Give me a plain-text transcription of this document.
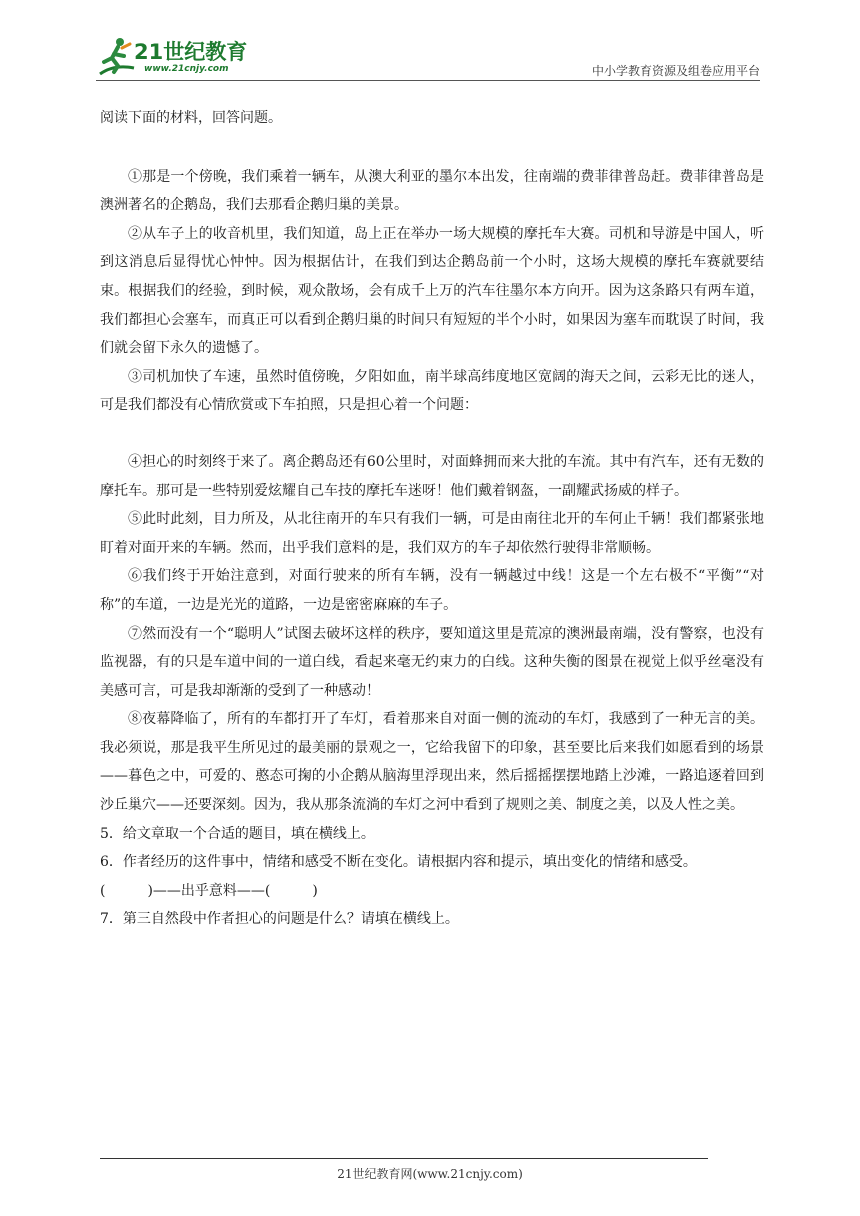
21世纪教育
www.21cnjy.com	中小学教育资源及组卷应用平台

阅读下面的材料，回答问题。

①那是一个傍晚，我们乘着一辆车，从澳大利亚的墨尔本出发，往南端的费菲律普岛赶。费菲律普岛是澳洲著名的企鹅岛，我们去那看企鹅归巢的美景。

②从车子上的收音机里，我们知道，岛上正在举办一场大规模的摩托车大赛。司机和导游是中国人，听到这消息后显得忧心忡忡。因为根据估计，在我们到达企鹅岛前一个小时，这场大规模的摩托车赛就要结束。根据我们的经验，到时候，观众散场，会有成千上万的汽车往墨尔本方向开。因为这条路只有两车道，我们都担心会塞车，而真正可以看到企鹅归巢的时间只有短短的半个小时，如果因为塞车而耽误了时间，我们就会留下永久的遗憾了。

③司机加快了车速，虽然时值傍晚，夕阳如血，南半球高纬度地区宽阔的海天之间，云彩无比的迷人，可是我们都没有心情欣赏或下车拍照，只是担心着一个问题：

④担心的时刻终于来了。离企鹅岛还有60公里时，对面蜂拥而来大批的车流。其中有汽车，还有无数的摩托车。那可是一些特别爱炫耀自己车技的摩托车迷呀！他们戴着钢盔，一副耀武扬威的样子。

⑤此时此刻，目力所及，从北往南开的车只有我们一辆，可是由南往北开的车何止千辆！我们都紧张地盯着对面开来的车辆。然而，出乎我们意料的是，我们双方的车子却依然行驶得非常顺畅。

⑥我们终于开始注意到，对面行驶来的所有车辆，没有一辆越过中线！这是一个左右极不“平衡”“对称”的车道，一边是光光的道路，一边是密密麻麻的车子。

⑦然而没有一个“聪明人”试图去破坏这样的秩序，要知道这里是荒凉的澳洲最南端，没有警察，也没有监视器，有的只是车道中间的一道白线，看起来毫无约束力的白线。这种失衡的图景在视觉上似乎丝毫没有美感可言，可是我却渐渐的受到了一种感动！

⑧夜幕降临了，所有的车都打开了车灯，看着那来自对面一侧的流动的车灯，我感到了一种无言的美。我必须说，那是我平生所见过的最美丽的景观之一，它给我留下的印象，甚至要比后来我们如愿看到的场景——暮色之中，可爱的、憨态可掬的小企鹅从脑海里浮现出来，然后摇摇摆摆地踏上沙滩，一路追逐着回到沙丘巢穴——还要深刻。因为，我从那条流淌的车灯之河中看到了规则之美、制度之美，以及人性之美。

5．给文章取一个合适的题目，填在横线上。

6．作者经历的这件事中，情绪和感受不断在变化。请根据内容和提示，填出变化的情绪和感受。

(　　　)——出乎意料——(　　　)

7．第三自然段中作者担心的问题是什么？请填在横线上。

21世纪教育网(www.21cnjy.com)
